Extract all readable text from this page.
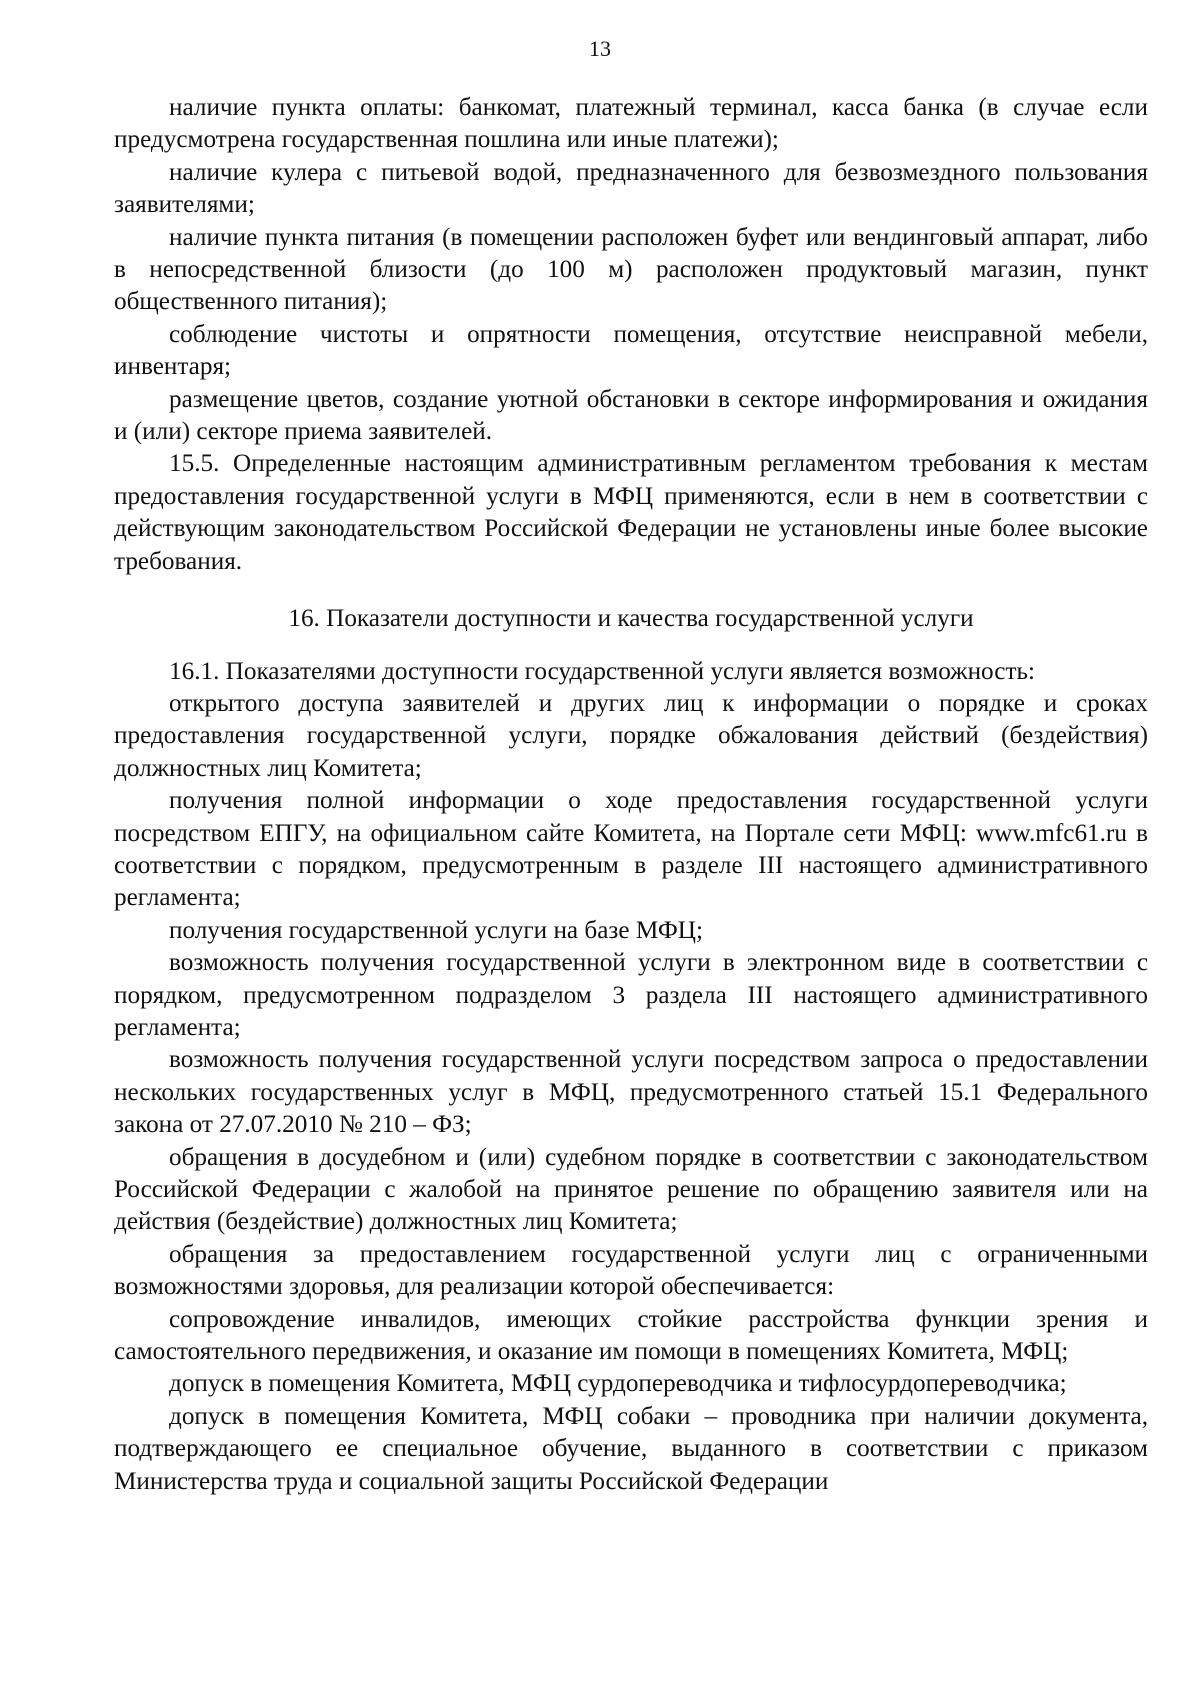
13

наличие пункта оплаты: банкомат, платежный терминал, касса банка (в случае если предусмотрена государственная пошлина или иные платежи);

наличие кулера с питьевой водой, предназначенного для безвозмездного пользования заявителями;

наличие пункта питания (в помещении расположен буфет или вендинговый аппарат, либо в непосредственной близости (до 100 м) расположен продуктовый магазин, пункт общественного питания);

соблюдение чистоты и опрятности помещения, отсутствие неисправной мебели, инвентаря;

размещение цветов, создание уютной обстановки в секторе информирования и ожидания и (или) секторе приема заявителей.

15.5. Определенные настоящим административным регламентом требования к местам предоставления государственной услуги в МФЦ применяются, если в нем в соответствии с действующим законодательством Российской Федерации не установлены иные более высокие требования.

16. Показатели доступности и качества государственной услуги

16.1. Показателями доступности государственной услуги является возможность:

открытого доступа заявителей и других лиц к информации о порядке и сроках предоставления государственной услуги, порядке обжалования действий (бездействия) должностных лиц Комитета;

получения полной информации о ходе предоставления государственной услуги посредством ЕПГУ, на официальном сайте Комитета, на Портале сети МФЦ: www.mfc61.ru в соответствии с порядком, предусмотренным в разделе III настоящего административного регламента;

получения государственной услуги на базе МФЦ;

возможность получения государственной услуги в электронном виде в соответствии с порядком, предусмотренном подразделом 3 раздела III настоящего административного регламента;

возможность получения государственной услуги посредством запроса о предоставлении нескольких государственных услуг в МФЦ, предусмотренного статьей 15.1 Федерального закона от 27.07.2010 № 210 – ФЗ;

обращения в досудебном и (или) судебном порядке в соответствии с законодательством Российской Федерации с жалобой на принятое решение по обращению заявителя или на действия (бездействие) должностных лиц Комитета;

обращения за предоставлением государственной услуги лиц с ограниченными возможностями здоровья, для реализации которой обеспечивается:

сопровождение инвалидов, имеющих стойкие расстройства функции зрения и самостоятельного передвижения, и оказание им помощи в помещениях Комитета, МФЦ;

допуск в помещения Комитета, МФЦ сурдопереводчика и тифлосурдопереводчика;

допуск в помещения Комитета, МФЦ собаки – проводника при наличии документа, подтверждающего ее специальное обучение, выданного в соответствии с приказом Министерства труда и социальной защиты Российской Федерации
